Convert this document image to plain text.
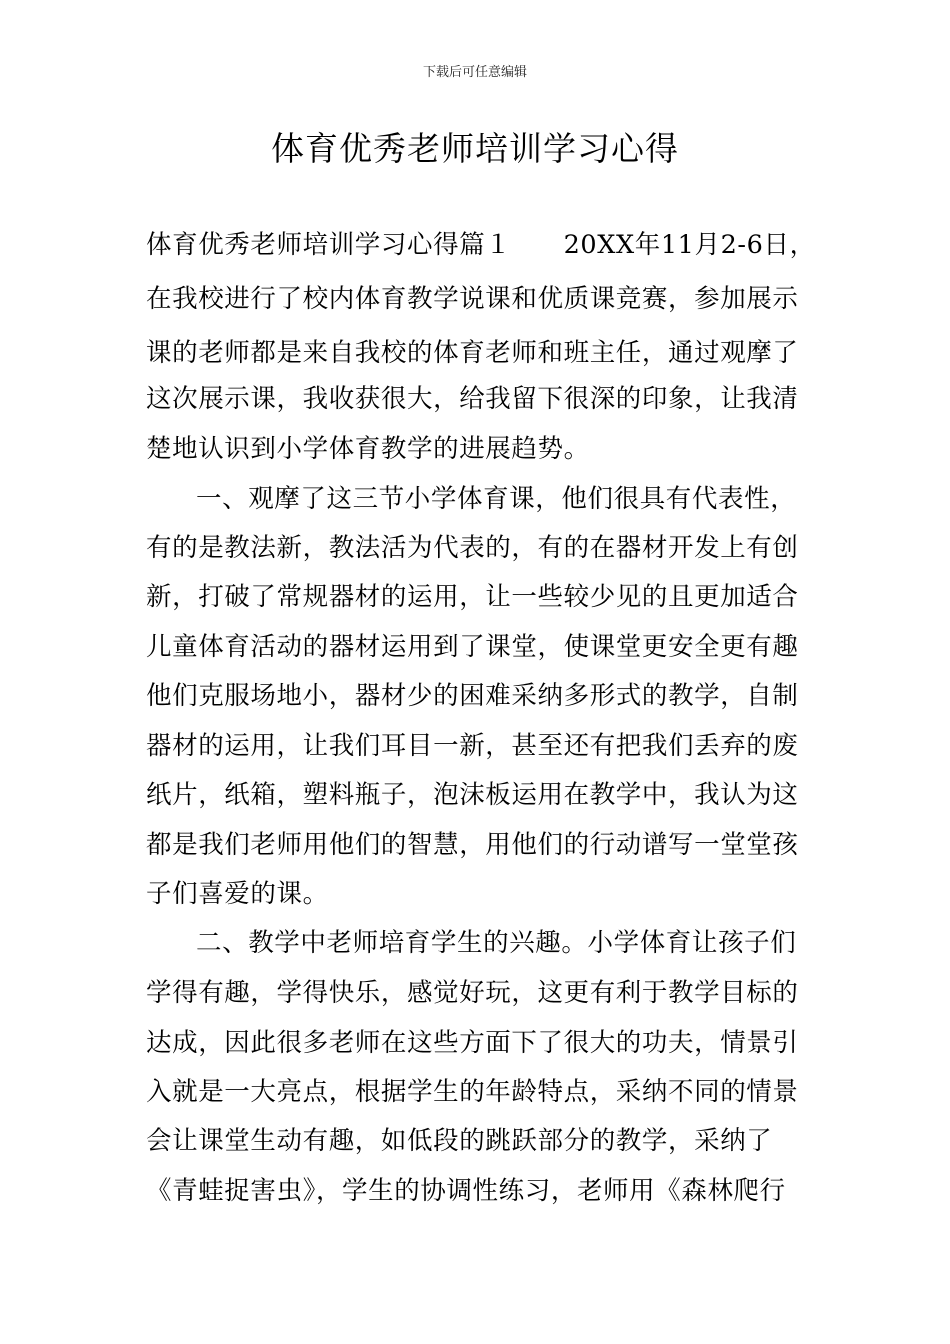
下载后可任意编辑
体育优秀老师培训学习心得
体育优秀老师培训学习心得篇１　　20XX年11月2-6日，
在我校进行了校内体育教学说课和优质课竞赛，参加展示
课的老师都是来自我校的体育老师和班主任，通过观摩了
这次展示课，我收获很大，给我留下很深的印象，让我清
楚地认识到小学体育教学的进展趋势。
一、观摩了这三节小学体育课，他们很具有代表性，
有的是教法新，教法活为代表的，有的在器材开发上有创
新，打破了常规器材的运用，让一些较少见的且更加适合
儿童体育活动的器材运用到了课堂，使课堂更安全更有趣
他们克服场地小，器材少的困难采纳多形式的教学，自制
器材的运用，让我们耳目一新，甚至还有把我们丢弃的废
纸片，纸箱，塑料瓶子，泡沫板运用在教学中，我认为这
都是我们老师用他们的智慧，用他们的行动谱写一堂堂孩
子们喜爱的课。
二、教学中老师培育学生的兴趣。小学体育让孩子们
学得有趣，学得快乐，感觉好玩，这更有利于教学目标的
达成，因此很多老师在这些方面下了很大的功夫，情景引
入就是一大亮点，根据学生的年龄特点，采纳不同的情景
会让课堂生动有趣，如低段的跳跃部分的教学，采纳了
《青蛙捉害虫》，学生的协调性练习，老师用《森林爬行
